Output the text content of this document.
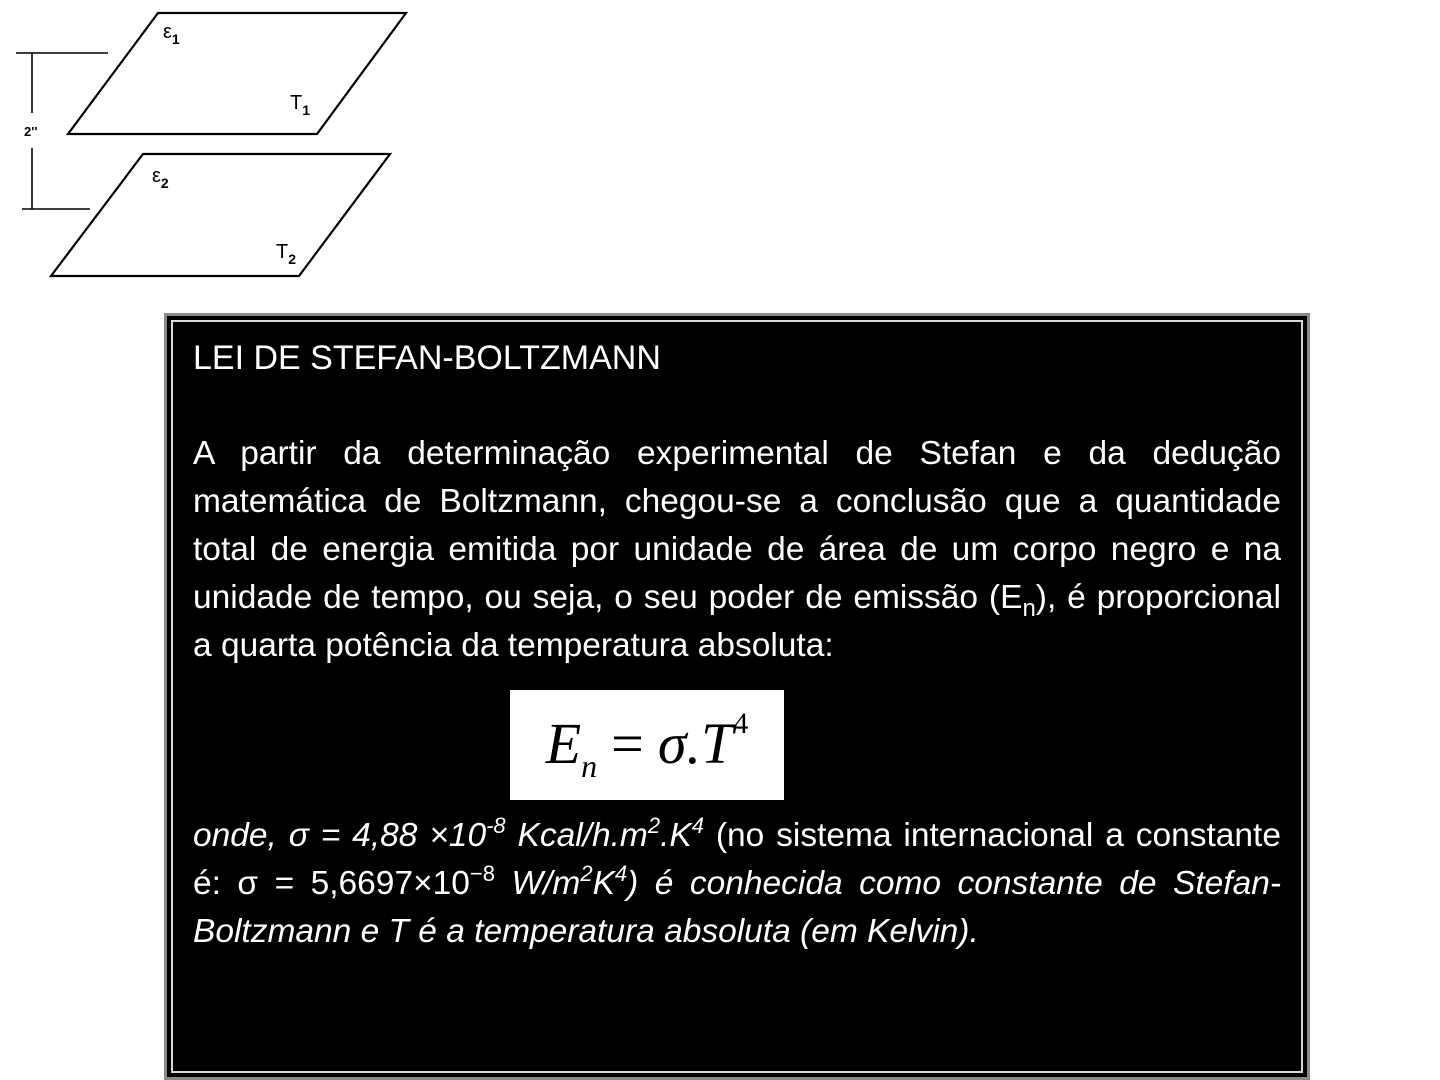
2''
ε1
T1
ε2
T2
LEI DE STEFAN-BOLTZMANN

A partir da determinação experimental de Stefan e da dedução matemática de Boltzmann, chegou-se a conclusão que a quantidade total de energia emitida por unidade de área de um corpo negro e na unidade de tempo, ou seja, o seu poder de emissão $(E_n)$, é proporcional a quarta potência da temperatura absoluta:

$E_n = \sigma.T^4$

onde, $\sigma = 4,88 \times 10^{-8}$ Kcal/$h.m^2.K^4$ (no sistema internacional a constante é: $\sigma = 5,6697\times 10^{-8}$ $W/m^2K^4$) é conhecida como constante de Stefan-Boltzmann e T é a temperatura absoluta (em Kelvin).
